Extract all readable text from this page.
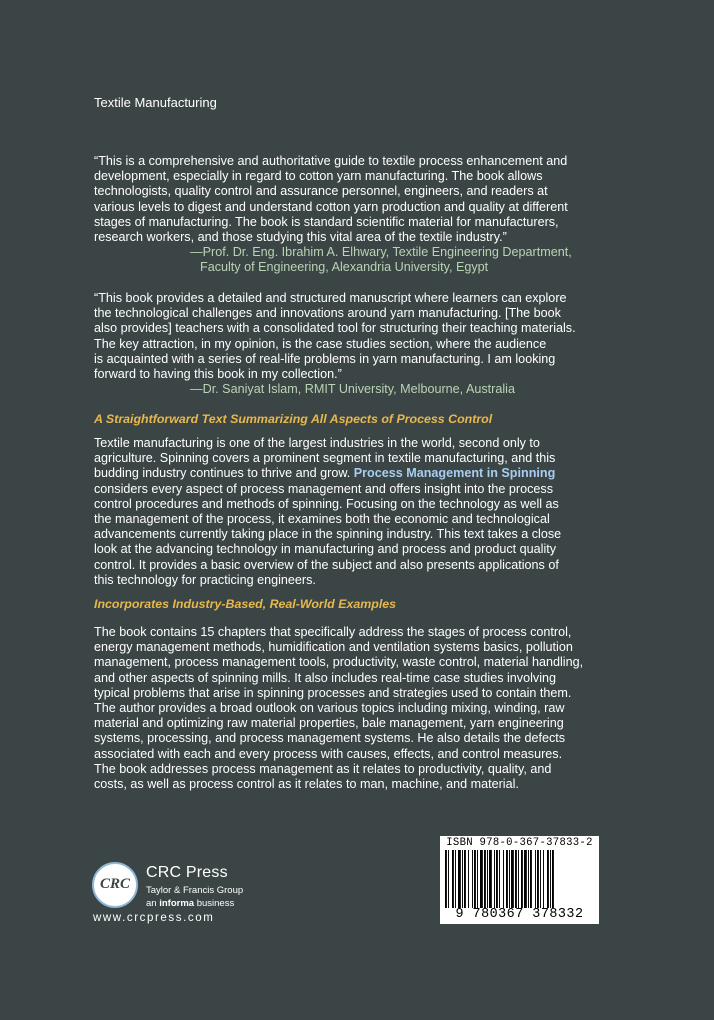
Textile Manufacturing
“This is a comprehensive and authoritative guide to textile process enhancement and
development, especially in regard to cotton yarn manufacturing. The book allows
technologists, quality control and assurance personnel, engineers, and readers at
various levels to digest and understand cotton yarn production and quality at different
stages of manufacturing. The book is standard scientific material for manufacturers,
research workers, and those studying this vital area of the textile industry.”
—Prof. Dr. Eng. Ibrahim A. Elhwary, Textile Engineering Department,
Faculty of Engineering, Alexandria University, Egypt
“This book provides a detailed and structured manuscript where learners can explore
the technological challenges and innovations around yarn manufacturing. [The book
also provides] teachers with a consolidated tool for structuring their teaching materials.
The key attraction, in my opinion, is the case studies section, where the audience
is acquainted with a series of real-life problems in yarn manufacturing. I am looking
forward to having this book in my collection.”
—Dr. Saniyat Islam, RMIT University, Melbourne, Australia
A Straightforward Text Summarizing All Aspects of Process Control
Textile manufacturing is one of the largest industries in the world, second only to
agriculture. Spinning covers a prominent segment in textile manufacturing, and this
budding industry continues to thrive and grow. Process Management in Spinning
considers every aspect of process management and offers insight into the process
control procedures and methods of spinning. Focusing on the technology as well as
the management of the process, it examines both the economic and technological
advancements currently taking place in the spinning industry. This text takes a close
look at the advancing technology in manufacturing and process and product quality
control. It provides a basic overview of the subject and also presents applications of
this technology for practicing engineers.
Incorporates Industry-Based, Real-World Examples
The book contains 15 chapters that specifically address the stages of process control,
energy management methods, humidification and ventilation systems basics, pollution
management, process management tools, productivity, waste control, material handling,
and other aspects of spinning mills. It also includes real-time case studies involving
typical problems that arise in spinning processes and strategies used to contain them.
The author provides a broad outlook on various topics including mixing, winding, raw
material and optimizing raw material properties, bale management, yarn engineering
systems, processing, and process management systems. He also details the defects
associated with each and every process with causes, effects, and control measures.
The book addresses process management as it relates to productivity, quality, and
costs, as well as process control as it relates to man, machine, and material.
CRC
CRC Press
Taylor & Francis Group
an informa business
www.crcpress.com
ISBN 978-0-367-37833-2
9 780367 378332
